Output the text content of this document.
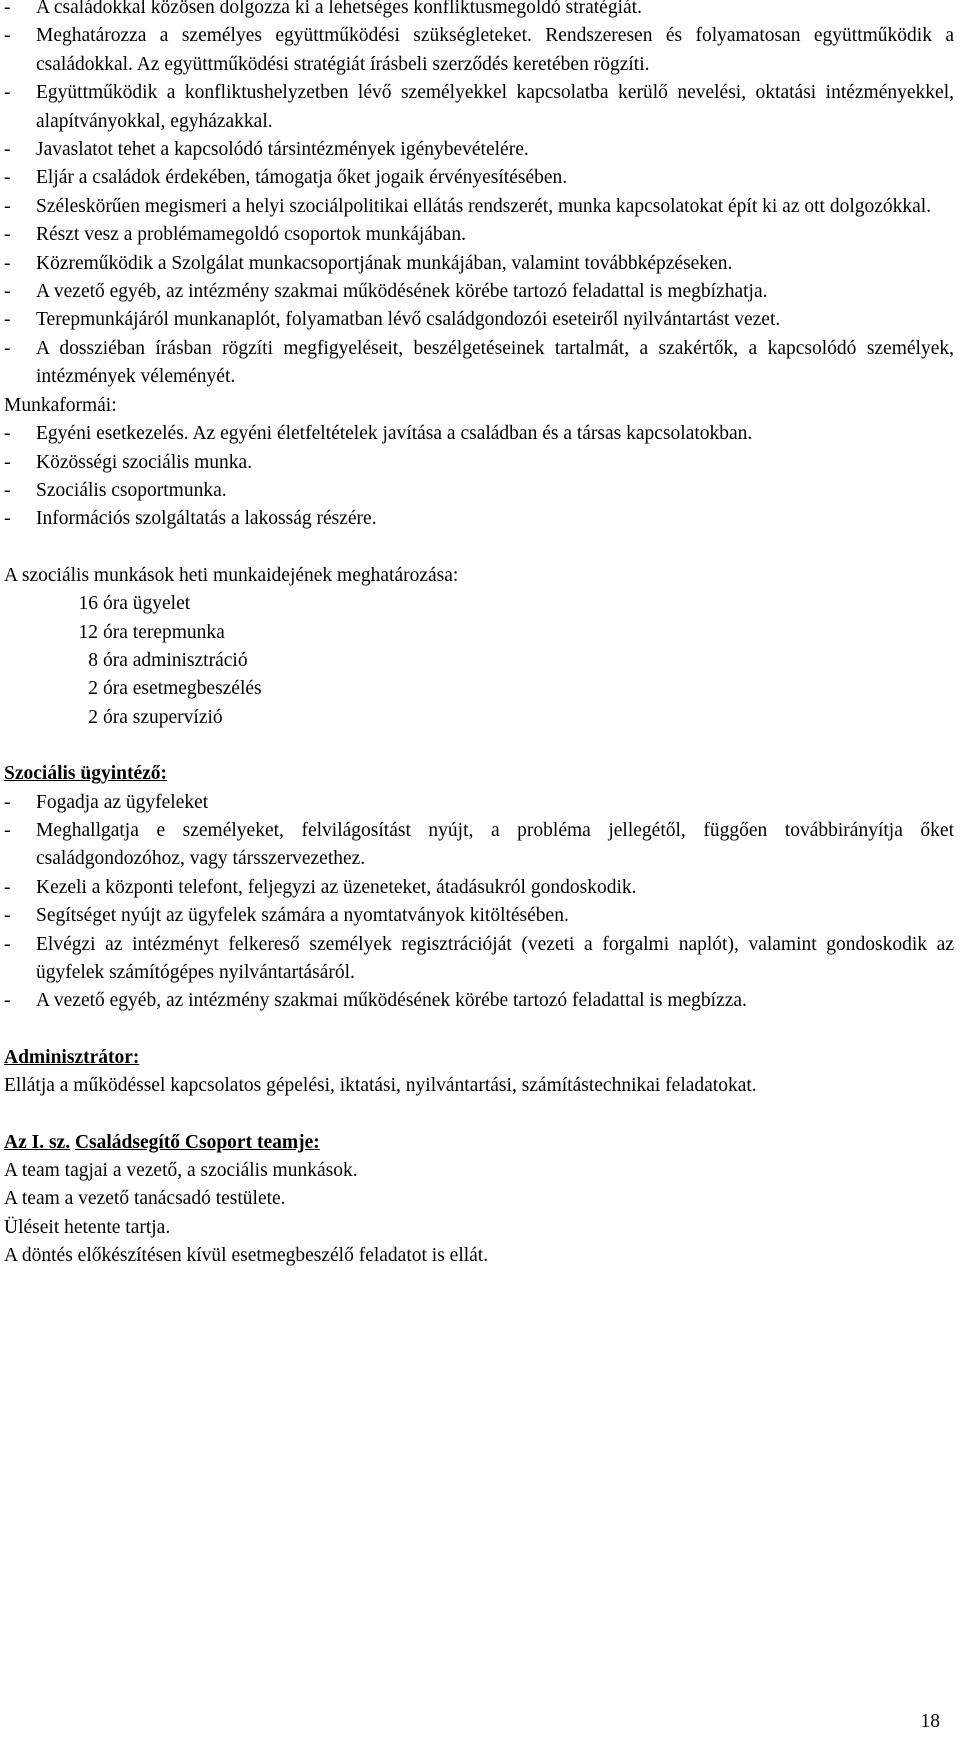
-	A családokkal közösen dolgozza ki a lehetséges konfliktusmegoldó stratégiát.
-	Meghatározza a személyes együttműködési szükségleteket. Rendszeresen és folyamatosan együttműködik a családokkal. Az együttműködési stratégiát írásbeli szerződés keretében rögzíti.
-	Együttműködik a konfliktushelyzetben lévő személyekkel kapcsolatba kerülő nevelési, oktatási intézményekkel, alapítványokkal, egyházakkal.
-	Javaslatot tehet a kapcsolódó társintézmények igénybevételére.
-	Eljár a családok érdekében, támogatja őket jogaik érvényesítésében.
-	Széleskörűen megismeri a helyi szociálpolitikai ellátás rendszerét, munka kapcsolatokat épít ki az ott dolgozókkal.
-	Részt vesz a problémamegoldó csoportok munkájában.
-	Közreműködik a Szolgálat munkacsoportjának munkájában, valamint továbbképzéseken.
-	A vezető egyéb, az intézmény szakmai működésének körébe tartozó feladattal is megbízhatja.
-	Terepmunkájáról munkanaplót, folyamatban lévő családgondozói eseteiről nyilvántartást vezet.
-	A dossziéban írásban rögzíti megfigyeléseit, beszélgetéseinek tartalmát, a szakértők, a kapcsolódó személyek, intézmények véleményét.
Munkaformái:
-	Egyéni esetkezelés. Az egyéni életfeltételek javítása a családban és a társas kapcsolatokban.
-	Közösségi szociális munka.
-	Szociális csoportmunka.
-	Információs szolgáltatás a lakosság részére.
A szociális munkások heti munkaidejének meghatározása:
16 óra ügyelet
12 óra terepmunka
8 óra adminisztráció
2 óra esetmegbeszélés
2 óra szupervízió
Szociális ügyintéző:
-	Fogadja az ügyfeleket
-	Meghallgatja e személyeket, felvilágosítást nyújt, a probléma jellegétől, függően továbbirányítja őket családgondozóhoz, vagy társszervezethez.
-	Kezeli a központi telefont, feljegyzi az üzeneteket, átadásukról gondoskodik.
-	Segítséget nyújt az ügyfelek számára a nyomtatványok kitöltésében.
-	Elvégzi az intézményt felkereső személyek regisztrációját (vezeti a forgalmi naplót), valamint gondoskodik az ügyfelek számítógépes nyilvántartásáról.
-	A vezető egyéb, az intézmény szakmai működésének körébe tartozó feladattal is megbízza.
Adminisztrátor:
Ellátja a működéssel kapcsolatos gépelési, iktatási, nyilvántartási, számítástechnikai feladatokat.
Az I. sz. Családsegítő Csoport teamje:
A team tagjai a vezető, a szociális munkások.
A team a vezető tanácsadó testülete.
Üléseit hetente tartja.
A döntés előkészítésen kívül esetmegbeszélő feladatot is ellát.
18
